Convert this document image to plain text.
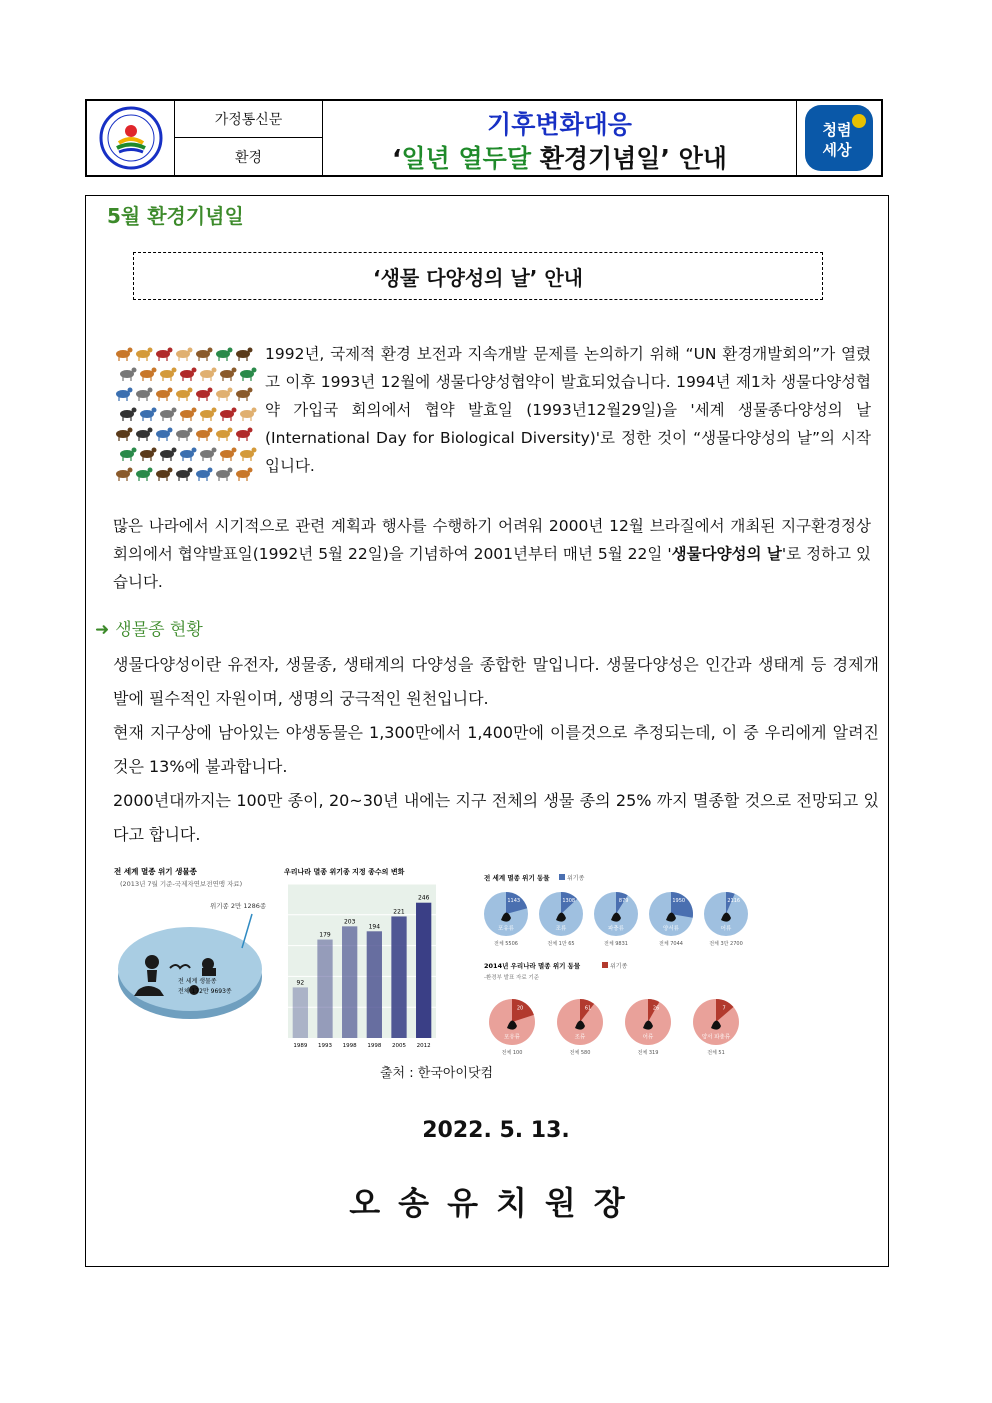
가정통신문
환경
기후변화대응
‘일년 열두달 환경기념일’ 안내
청렴
세상
5월 환경기념일
‘생물 다양성의 날’ 안내
1992년, 국제적 환경 보전과 지속개발 문제를 논의하기 위해 “UN 환경개발회의”가 열렸고 이후 1993년 12월에 생물다양성협약이 발효되었습니다. 1994년 제1차 생물다양성협약 가입국 회의에서 협약 발효일 (1993년12월29일)을 '세계 생물종다양성의 날(International Day for Biological Diversity)'로 정한 것이 “생물다양성의 날”의 시작입니다.
많은 나라에서 시기적으로 관련 계획과 행사를 수행하기 어려워 2000년 12월 브라질에서 개최된 지구환경정상회의에서 협약발표일(1992년 5월 22일)을 기념하여 2001년부터 매년 5월 22일 '생물다양성의 날'로 정하고 있습니다.
➜ 생물종 현황

생물다양성이란 유전자, 생물종, 생태계의 다양성을 종합한 말입니다. 생물다양성은 인간과 생태계 등 경제개발에 필수적인 자원이며, 생명의 궁극적인 원천입니다.

현재 지구상에 남아있는 야생동물은 1,300만에서 1,400만에 이를것으로 추정되는데, 이 중 우리에게 알려진 것은 13%에 불과합니다.

2000년대까지는 100만 종이, 20~30년 내에는 지구 전체의 생물 종의 25% 까지 멸종할 것으로 전망되고 있다고 합니다.

전 세계 멸종 위기 생물종
(2013년 7월 기준-국제자연보전연맹 자료)
위기종 2만 1286종
전 세계 생물종
전체 172만 9693종
우리나라 멸종 위기종 지정 종수의 변화
92
1989
179
1993
203
1998
194
1998
221
2005
246
2012
전 세계 멸종 위기 동물	위기종
1143
포유류
전체 5506
1308
조류
전체 1만 65
879
파충류
전체 9831
1950
양서류
전체 7044
2116
어류
전체 3만 2700
2014년 우리나라 멸종 위기 동물	위기종
-환경부 발표 자료 기준
20
포유류
전체 100
61
조류
전체 580
26
어류
전체 319
7
양서 파충류
전체 51
출처 : 한국아이닷컴
2022. 5. 13.
오송유치원장
